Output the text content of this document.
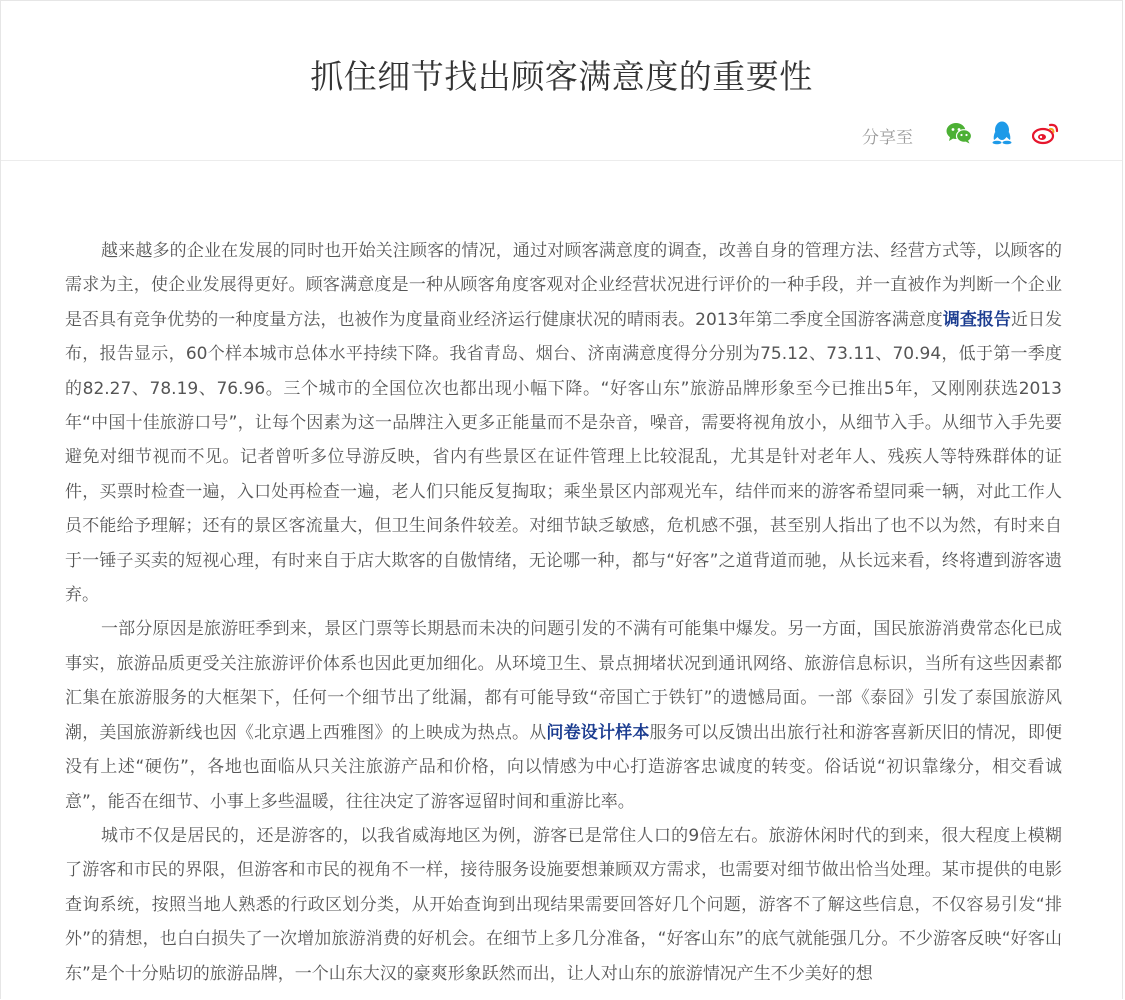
抓住细节找出顾客满意度的重要性
分享至

越来越多的企业在发展的同时也开始关注顾客的情况，通过对顾客满意度的调查，改善自身的管理方法、经营方式等，以顾客的需求为主，使企业发展得更好。顾客满意度是一种从顾客角度客观对企业经营状况进行评价的一种手段，并一直被作为判断一个企业是否具有竞争优势的一种度量方法，也被作为度量商业经济运行健康状况的晴雨表。2013年第二季度全国游客满意度调查报告近日发布，报告显示，60个样本城市总体水平持续下降。我省青岛、烟台、济南满意度得分分别为75.12、73.11、70.94，低于第一季度的82.27、78.19、76.96。三个城市的全国位次也都出现小幅下降。“好客山东”旅游品牌形象至今已推出5年，又刚刚获选2013年“中国十佳旅游口号”，让每个因素为这一品牌注入更多正能量而不是杂音，噪音，需要将视角放小，从细节入手。从细节入手先要避免对细节视而不见。记者曾听多位导游反映，省内有些景区在证件管理上比较混乱，尤其是针对老年人、残疾人等特殊群体的证件，买票时检查一遍，入口处再检查一遍，老人们只能反复掏取；乘坐景区内部观光车，结伴而来的游客希望同乘一辆，对此工作人员不能给予理解；还有的景区客流量大，但卫生间条件较差。对细节缺乏敏感，危机感不强，甚至别人指出了也不以为然，有时来自于一锤子买卖的短视心理，有时来自于店大欺客的自傲情绪，无论哪一种，都与“好客”之道背道而驰，从长远来看，终将遭到游客遗弃。

一部分原因是旅游旺季到来，景区门票等长期悬而未决的问题引发的不满有可能集中爆发。另一方面，国民旅游消费常态化已成事实，旅游品质更受关注旅游评价体系也因此更加细化。从环境卫生、景点拥堵状况到通讯网络、旅游信息标识，当所有这些因素都汇集在旅游服务的大框架下，任何一个细节出了纰漏，都有可能导致“帝国亡于铁钉”的遗憾局面。一部《泰囧》引发了泰国旅游风潮，美国旅游新线也因《北京遇上西雅图》的上映成为热点。从问卷设计样本服务可以反馈出出旅行社和游客喜新厌旧的情况，即便没有上述“硬伤”，各地也面临从只关注旅游产品和价格，向以情感为中心打造游客忠诚度的转变。俗话说“初识靠缘分，相交看诚意”，能否在细节、小事上多些温暖，往往决定了游客逗留时间和重游比率。

城市不仅是居民的，还是游客的，以我省威海地区为例，游客已是常住人口的9倍左右。旅游休闲时代的到来，很大程度上模糊了游客和市民的界限，但游客和市民的视角不一样，接待服务设施要想兼顾双方需求，也需要对细节做出恰当处理。某市提供的电影查询系统，按照当地人熟悉的行政区划分类，从开始查询到出现结果需要回答好几个问题，游客不了解这些信息，不仅容易引发“排外”的猜想，也白白损失了一次增加旅游消费的好机会。在细节上多几分准备，“好客山东”的底气就能强几分。不少游客反映“好客山东”是个十分贴切的旅游品牌，一个山东大汉的豪爽形象跃然而出，让人对山东的旅游情况产生不少美好的想
